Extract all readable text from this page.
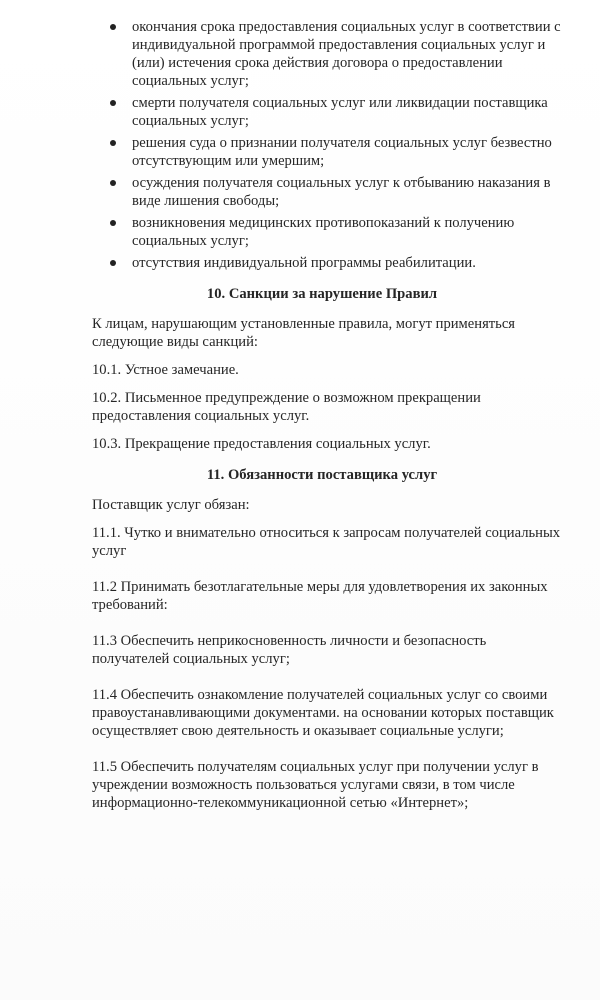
окончания срока предоставления социальных услуг в соответствии с индивидуальной программой предоставления социальных услуг и (или) истечения срока действия договора о предоставлении социальных услуг;
смерти получателя социальных услуг или ликвидации поставщика социальных услуг;
решения суда о признании получателя социальных услуг безвестно отсутствующим или умершим;
осуждения получателя социальных услуг к отбыванию наказания в виде лишения свободы;
возникновения медицинских противопоказаний к получению социальных услуг;
отсутствия индивидуальной программы реабилитации.
10. Санкции за нарушение Правил

К лицам, нарушающим установленные правила, могут применяться следующие виды санкций:

10.1. Устное замечание.

10.2. Письменное предупреждение о возможном прекращении предоставления социальных услуг.

10.3. Прекращение предоставления социальных услуг.

11. Обязанности поставщика услуг

Поставщик услуг обязан:

11.1. Чутко и внимательно относиться к запросам получателей социальных услуг

11.2 Принимать безотлагательные меры для удовлетворения их законных требований:

11.3 Обеспечить неприкосновенность личности и безопасность получателей социальных услуг;

11.4 Обеспечить ознакомление получателей социальных услуг со своими правоустанавливающими документами. на основании которых поставщик осуществляет свою деятельность и оказывает социальные услуги;

11.5 Обеспечить получателям социальных услуг при получении услуг в учреждении возможность пользоваться услугами связи, в том числе информационно-телекоммуникационной сетью «Интернет»;
